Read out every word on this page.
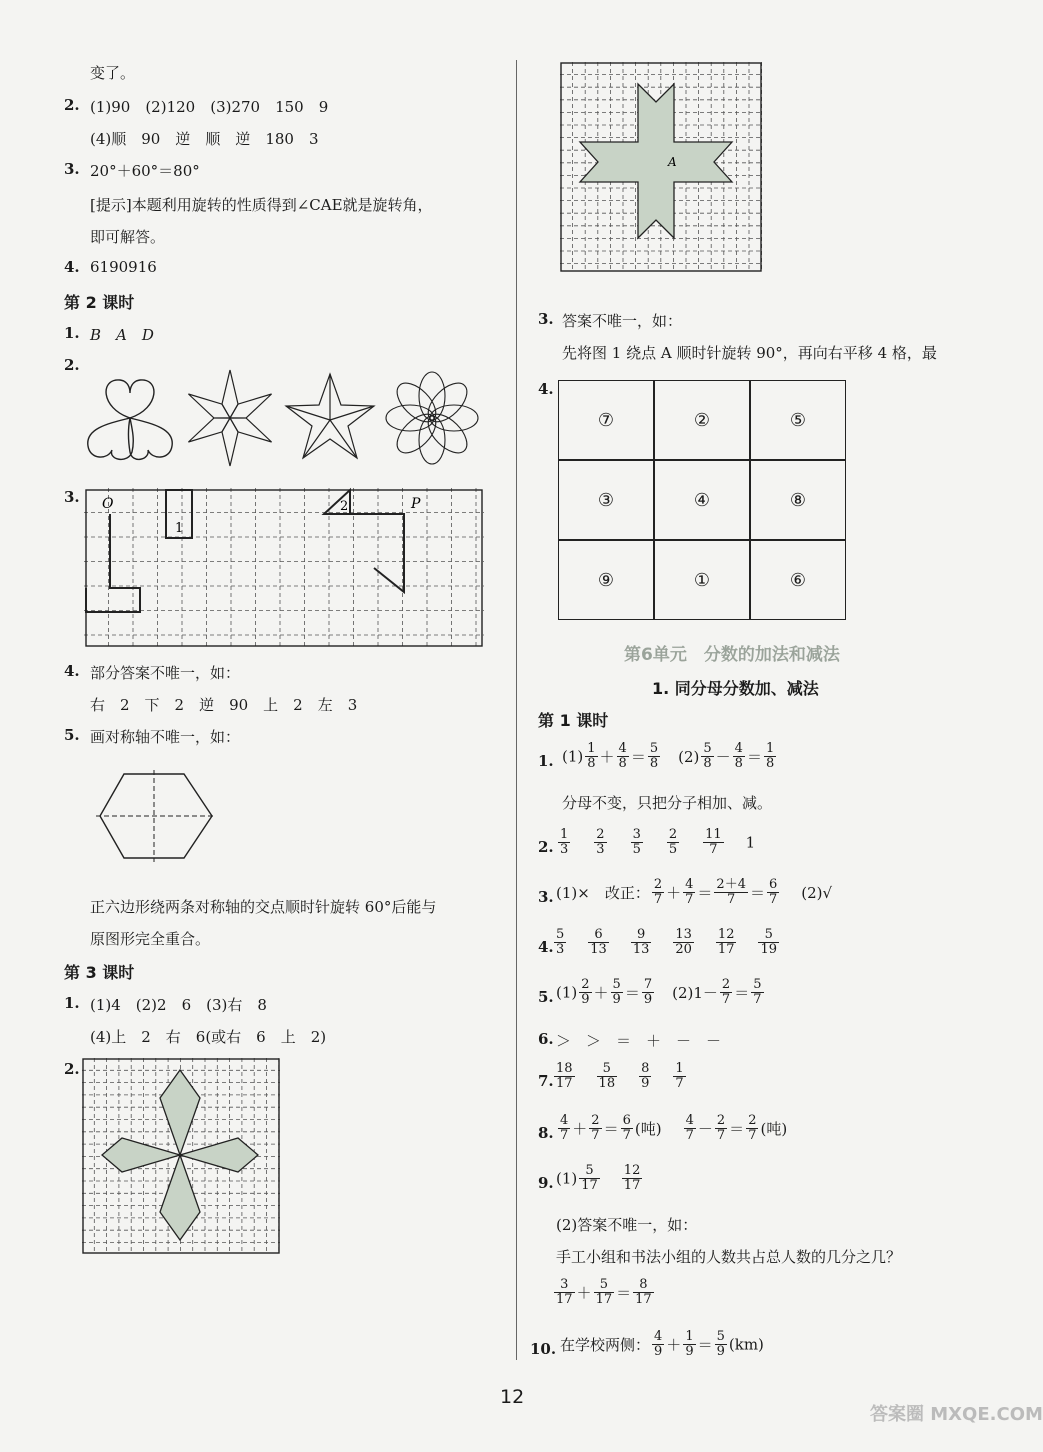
变了。
2. (1)90　(2)120　(3)270　150　9
(4)顺　90　逆　顺　逆　180　3
3. 20°＋60°＝80°
[提示]本题利用旋转的性质得到∠CAE就是旋转角，
即可解答。
4. 6190916
第 2 课时
1. B　A　D
2.
3. O	P
1
2
4. 部分答案不唯一，如：
右　2　下　2　逆　90　上　2　左　3
5. 画对称轴不唯一，如：
正六边形绕两条对称轴的交点顺时针旋转 60°后能与
原图形完全重合。
第 3 课时
1. (1)4　(2)2　6　(3)右　8
(4)上　2　右　6(或右　6　上　2)
2.
A
3. 答案不唯一，如：
先将图 1 绕点 A 顺时针旋转 90°，再向右平移 4 格，最
4.
⑦	②	⑤
③	④	⑧
⑨	①	⑥
第6单元　分数的加法和减法
1. 同分母分数加、减法
第 1 课时
1. $(1) \frac{1}{8} + \frac{4}{8} = \frac{5}{8} (2) \frac{5}{8} - \frac{4}{8} = \frac{1}{8}$
分母不变，只把分子相加、减。
2. $\frac{1}{3} \frac{2}{3} \frac{3}{5} \frac{2}{5} \frac{11}{7} 1$
3. (1)×　改正： $\frac{2}{7} + \frac{4}{7} = \frac{2+4}{7} = \frac{6}{7} (2)√$
4. $\frac{5}{3} \frac{6}{13} \frac{9}{13} \frac{13}{20} \frac{12}{17} \frac{5}{19}$
5. $(1) \frac{2}{9} + \frac{5}{9} = \frac{7}{9} (2)1- \frac{2}{7} = \frac{5}{7}$
6. ＞　＞　＝　＋　－　－
7. $\frac{18}{17} \frac{5}{18} \frac{8}{9} \frac{1}{7}$
8. $\frac{4}{7} + \frac{2}{7} = \frac{6}{7}$ (吨) $\frac{4}{7} - \frac{2}{7} = \frac{2}{7}$ (吨)
9. $(1) \frac{5}{17} \frac{12}{17}$
(2)答案不唯一，如：
手工小组和书法小组的人数共占总人数的几分之几？
$\frac{3}{17} + \frac{5}{17} = \frac{8}{17}$
10. 在学校两侧： $\frac{4}{9} + \frac{1}{9} = \frac{5}{9} (km)$
12
答案圈 MXQE.COM
